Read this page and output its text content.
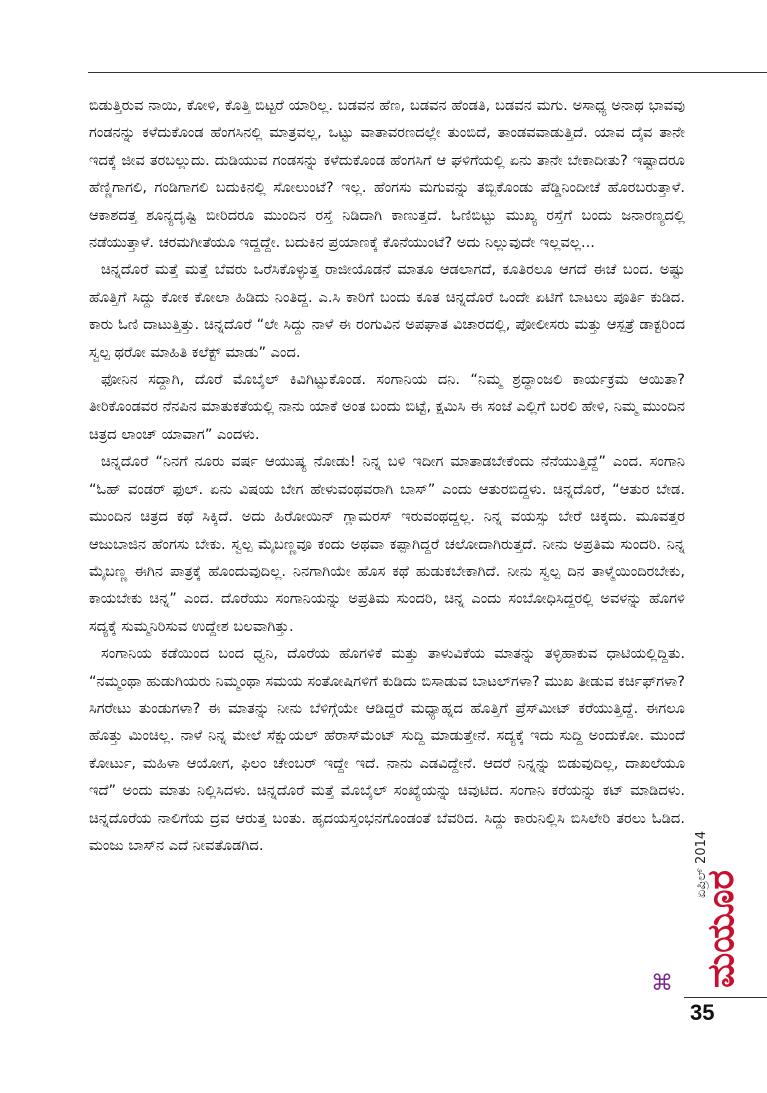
ಬಿಡುತ್ತಿರುವ ನಾಯಿ, ಕೋಳಿ, ಕೊತ್ತಿ ಬಿಟ್ಟರೆ ಯಾರಿಲ್ಲ. ಬಡವನ ಹೆಣ, ಬಡವನ ಹೆಂಡತಿ, ಬಡವನ ಮಗು. ಅಸಾಧ್ಯ ಅನಾಥ ಭಾವವು ಗಂಡನನ್ನು ಕಳೆದುಕೊಂಡ ಹೆಂಗಸಿನಲ್ಲಿ ಮಾತ್ರವಲ್ಲ, ಒಟ್ಟು ವಾತಾವರಣದಲ್ಲೇ ತುಂಬಿದೆ, ತಾಂಡವವಾಡುತ್ತಿದೆ. ಯಾವ ದೈವ ತಾನೇ ಇದಕ್ಕೆ ಜೀವ ತರಬಲ್ಲುದು. ದುಡಿಯುವ ಗಂಡಸನ್ನು ಕಳೆದುಕೊಂಡ ಹೆಂಗಸಿಗೆ ಆ ಘಳಿಗೆಯಲ್ಲಿ ಏನು ತಾನೇ ಬೇಕಾದೀತು? ಇಷ್ಟಾದರೂ ಹೆಣ್ಣಿಗಾಗಲಿ, ಗಂಡಿಗಾಗಲಿ ಬದುಕಿನಲ್ಲಿ ಸೋಲುಂಟೆ? ಇಲ್ಲ. ಹೆಂಗಸು ಮಗುವನ್ನು ತಬ್ಬಿಕೊಂಡು ಪೆಡ್ಡಿನಿಂದೀಚೆ ಹೊರಬರುತ್ತಾಳೆ. ಆಕಾಶದತ್ತ ಶೂನ್ಯದೃಷ್ಟಿ ಬೀರಿದರೂ ಮುಂದಿನ ರಸ್ತೆ ನಿಡಿದಾಗಿ ಕಾಣುತ್ತದೆ. ಓಣಿಬಿಟ್ಟು ಮುಖ್ಯ ರಸ್ತೆಗೆ ಬಂದು ಜನಾರಣ್ಯದಲ್ಲಿ ನಡೆಯುತ್ತಾಳೆ. ಚರಮಗೀತೆಯೂ ಇದ್ದದ್ದೇ. ಬದುಕಿನ ಪ್ರಯಾಣಕ್ಕೆ ಕೊನೆಯುಂಟೆ? ಅದು ನಿಲ್ಲುವುದೇ ಇಲ್ಲವಲ್ಲ...

ಚಿನ್ನದೊರೆ ಮತ್ತೆ ಮತ್ತೆ ಬೆವರು ಒರೆಸಿಕೊಳ್ಳುತ್ತ ರಾಜೀಯೊಡನೆ ಮಾತೂ ಆಡಲಾಗದೆ, ಕೂತಿರಲೂ ಆಗದೆ ಈಚೆ ಬಂದ. ಅಷ್ಟು ಹೊತ್ತಿಗೆ ಸಿದ್ದು ಕೋಕ ಕೋಲಾ ಹಿಡಿದು ನಿಂತಿದ್ದ. ಎ.ಸಿ ಕಾರಿಗೆ ಬಂದು ಕೂತ ಚಿನ್ನದೊರೆ ಒಂದೇ ಏಟಿಗೆ ಬಾಟಲು ಪೂರ್ತಿ ಕುಡಿದ. ಕಾರು ಓಣಿ ದಾಟುತ್ತಿತ್ತು. ಚಿನ್ನದೊರೆ “ಲೇ ಸಿದ್ದು ನಾಳೆ ಈ ರಂಗುವಿನ ಅಪಘಾತ ವಿಚಾರದಲ್ಲಿ, ಪೋಲೀಸರು ಮತ್ತು ಆಸ್ಪತ್ರೆ ಡಾಕ್ಟರಿಂದ ಸ್ವಲ್ಪ ಥರೋ ಮಾಹಿತಿ ಕಲೆಕ್ಟ್ ಮಾಡು” ಎಂದ.

ಫೋನಿನ ಸದ್ದಾಗಿ, ದೊರೆ ಮೊಬೈಲ್ ಕಿವಿಗಿಟ್ಟುಕೊಂಡ. ಸಂಗಾನಿಯ ದನಿ. “ನಿಮ್ಮ ಶ್ರದ್ಧಾಂಜಲಿ ಕಾರ್ಯಕ್ರಮ ಆಯಿತಾ? ತೀರಿಕೊಂಡವರ ನೆನಪಿನ ಮಾತುಕತೆಯಲ್ಲಿ ನಾನು ಯಾಕೆ ಅಂತ ಬಂದು ಬಿಟ್ಟೆ, ಕ್ಷಮಿಸಿ ಈ ಸಂಜೆ ಎಲ್ಲಿಗೆ ಬರಲಿ ಹೇಳಿ, ನಿಮ್ಮ ಮುಂದಿನ ಚಿತ್ರದ ಲಾಂಚ್ ಯಾವಾಗ” ಎಂದಳು.

ಚಿನ್ನದೊರೆ “ನಿನಗೆ ನೂರು ವರ್ಷ ಆಯುಷ್ಯ ನೋಡು! ನಿನ್ನ ಬಳಿ ಇದೀಗ ಮಾತಾಡಬೇಕೆಂದು ನೆನೆಯುತ್ತಿದ್ದೆ” ಎಂದ. ಸಂಗಾನಿ “ಓಹ್ ವಂಡರ್ ಫುಲ್. ಏನು ವಿಷಯ ಬೇಗ ಹೇಳುವಂಥವರಾಗಿ ಬಾಸ್” ಎಂದು ಆತುರಬಿದ್ದಳು. ಚಿನ್ನದೊರೆ, “ಆತುರ ಬೇಡ. ಮುಂದಿನ ಚಿತ್ರದ ಕಥೆ ಸಿಕ್ಕಿದೆ. ಅದು ಹಿರೋಯಿನ್ ಗ್ಲಾಮರಸ್ ಇರುವಂಥದ್ದಲ್ಲ. ನಿನ್ನ ವಯಸ್ಸು ಬೇರೆ ಚಿಕ್ಕದು. ಮೂವತ್ತರ ಆಜುಬಾಜಿನ ಹೆಂಗಸು ಬೇಕು. ಸ್ವಲ್ಪ ಮೈಬಣ್ಣವೂ ಕಂದು ಅಥವಾ ಕಪ್ಪಾಗಿದ್ದರೆ ಚಲೋದಾಗಿರುತ್ತದೆ. ನೀನು ಅಪ್ರತಿಮ ಸುಂದರಿ. ನಿನ್ನ ಮೈಬಣ್ಣ ಈಗಿನ ಪಾತ್ರಕ್ಕೆ ಹೊಂದುವುದಿಲ್ಲ. ನಿನಗಾಗಿಯೇ ಹೊಸ ಕಥೆ ಹುಡುಕಬೇಕಾಗಿದೆ. ನೀನು ಸ್ವಲ್ಪ ದಿನ ತಾಳ್ಮೆಯಿಂದಿರಬೇಕು, ಕಾಯಬೇಕು ಚಿನ್ನ” ಎಂದ. ದೊರೆಯು ಸಂಗಾನಿಯನ್ನು ಅಪ್ರತಿಮ ಸುಂದರಿ, ಚಿನ್ನ ಎಂದು ಸಂಬೋಧಿಸಿದ್ದರಲ್ಲಿ ಅವಳನ್ನು ಹೊಗಳಿ ಸದ್ಯಕ್ಕೆ ಸುಮ್ಮನಿರಿಸುವ ಉದ್ದೇಶ ಬಲವಾಗಿತ್ತು.

ಸಂಗಾನಿಯ ಕಡೆಯಿಂದ ಬಂದ ಧ್ವನಿ, ದೊರೆಯ ಹೊಗಳಿಕೆ ಮತ್ತು ತಾಳುವಿಕೆಯ ಮಾತನ್ನು ತಳ್ಳಿಹಾಕುವ ಧಾಟಿಯಲ್ಲಿದ್ದಿತು. “ನಮ್ಮಂಥಾ ಹುಡುಗಿಯರು ನಿಮ್ಮಂಥಾ ಸಮಯ ಸಂತೋಷಿಗಳಿಗೆ ಕುಡಿದು ಬಿಸಾಡುವ ಬಾಟಲ್‌ಗಳಾ? ಮುಖ ತೀಡುವ ಕರ್ಚಿಫ್‌ಗಳಾ? ಸಿಗರೇಟು ತುಂಡುಗಳಾ? ಈ ಮಾತನ್ನು ನೀನು ಬೆಳಿಗ್ಗೆಯೇ ಆಡಿದ್ದರೆ ಮಧ್ಯಾಹ್ನದ ಹೊತ್ತಿಗೆ ಪ್ರೆಸ್‌ಮೀಟ್ ಕರೆಯುತ್ತಿದ್ದೆ. ಈಗಲೂ ಹೊತ್ತು ಮಿಂಚಿಲ್ಲ. ನಾಳೆ ನಿನ್ನ ಮೇಲೆ ಸೆಕ್ಷುಯಲ್ ಹೆರಾಸ್‌ಮೆಂಟ್ ಸುದ್ದಿ ಮಾಡುತ್ತೇನೆ. ಸದ್ಯಕ್ಕೆ ಇದು ಸುದ್ದಿ ಅಂದುಕೋ. ಮುಂದೆ ಕೋರ್ಟು, ಮಹಿಳಾ ಆಯೋಗ, ಫಿಲಂ ಚೇಂಬರ್ ಇದ್ದೇ ಇದೆ. ನಾನು ಎಡವಿದ್ದೇನೆ. ಆದರೆ ನಿನ್ನನ್ನು ಬಿಡುವುದಿಲ್ಲ, ದಾಖಲೆಯೂ ಇದೆ” ಅಂದು ಮಾತು ನಿಲ್ಲಿಸಿದಳು. ಚಿನ್ನದೊರೆ ಮತ್ತೆ ಮೊಬೈಲ್ ಸಂಖ್ಯೆಯನ್ನು ಚಿವುಟಿದ. ಸಂಗಾನಿ ಕರೆಯನ್ನು ಕಟ್ ಮಾಡಿದಳು. ಚಿನ್ನದೊರೆಯ ನಾಲಿಗೆಯ ದ್ರವ ಆರುತ್ತ ಬಂತು. ಹೃದಯಸ್ತಂಭನಗೊಂಡಂತೆ ಬೆವರಿದ. ಸಿದ್ದು ಕಾರುನಿಲ್ಲಿಸಿ ಬಿಸಿಲೇರಿ ತರಲು ಓಡಿದ. ಮಂಜು ಬಾಸ್‌ನ ಎದೆ ನೀವತೊಡಗಿದ.	ಏಪ್ರಿಲ್ 2014
ಮಯೂರ
⌘
35
